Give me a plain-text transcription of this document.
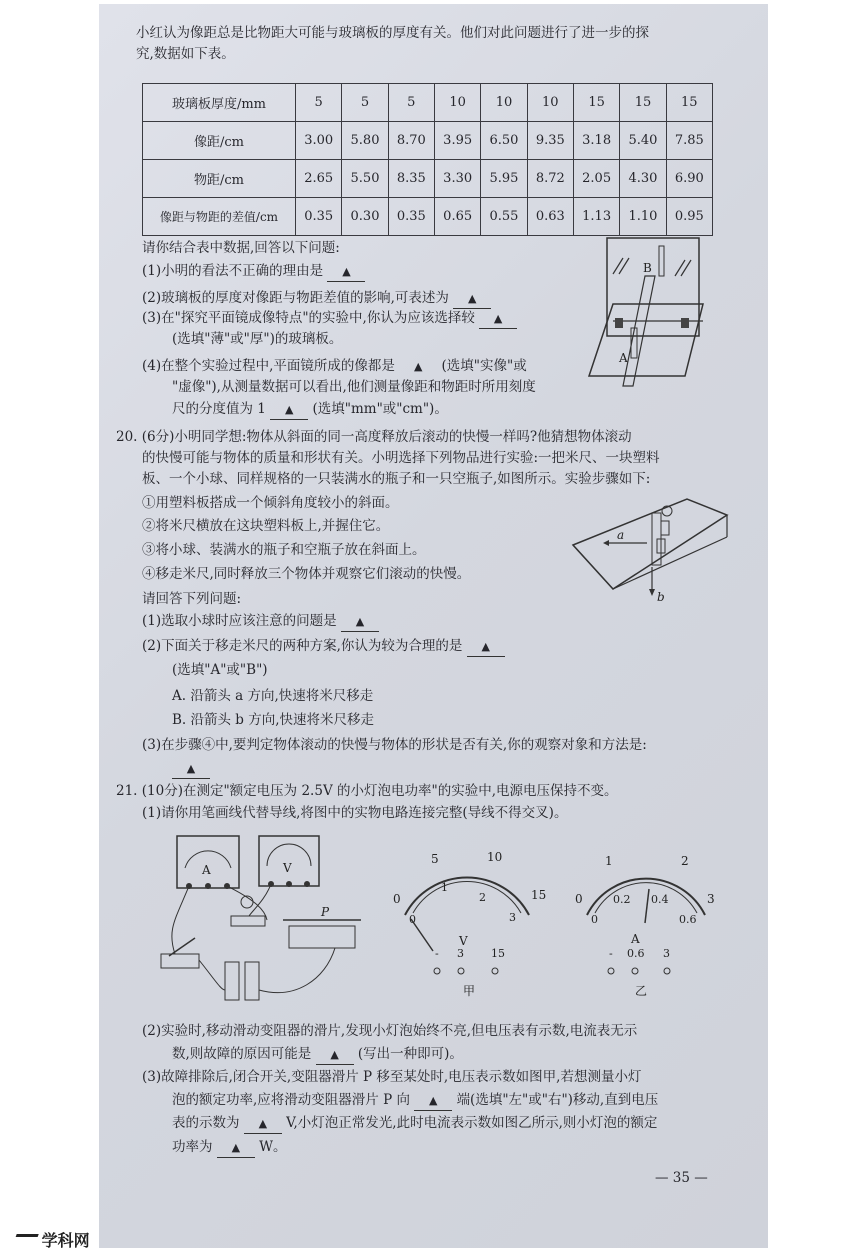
小红认为像距总是比物距大可能与玻璃板的厚度有关。他们对此问题进行了进一步的探
究,数据如下表。
玻璃板厚度/mm	5	5	5	10	10	10	15	15	15
像距/cm	3.00	5.80	8.70	3.95	6.50	9.35	3.18	5.40	7.85
物距/cm	2.65	5.50	8.35	3.30	5.95	8.72	2.05	4.30	6.90
像距与物距的差值/cm	0.35	0.30	0.35	0.65	0.55	0.63	1.13	1.10	0.95
请你结合表中数据,回答以下问题:
(1)小明的看法不正确的理由是 ▲
(2)玻璃板的厚度对像距与物距差值的影响,可表述为 ▲
(3)在"探究平面镜成像特点"的实验中,你认为应该选择较 ▲
(选填"薄"或"厚")的玻璃板。
(4)在整个实验过程中,平面镜所成的像都是 ▲ (选填"实像"或
"虚像"),从测量数据可以看出,他们测量像距和物距时所用刻度
尺的分度值为 1 ▲ (选填"mm"或"cm")。
B
A
20. (6分)小明同学想:物体从斜面的同一高度释放后滚动的快慢一样吗?他猜想物体滚动
的快慢可能与物体的质量和形状有关。小明选择下列物品进行实验:一把米尺、一块塑料
板、一个小球、同样规格的一只装满水的瓶子和一只空瓶子,如图所示。实验步骤如下:
①用塑料板搭成一个倾斜角度较小的斜面。
②将米尺横放在这块塑料板上,并握住它。
③将小球、装满水的瓶子和空瓶子放在斜面上。
④移走米尺,同时释放三个物体并观察它们滚动的快慢。
请回答下列问题:
(1)选取小球时应该注意的问题是 ▲
(2)下面关于移走米尺的两种方案,你认为较为合理的是 ▲
(选填"A"或"B")
A. 沿箭头 a 方向,快速将米尺移走
B. 沿箭头 b 方向,快速将米尺移走
(3)在步骤④中,要判定物体滚动的快慢与物体的形状是否有关,你的观察对象和方法是:
▲
a
b
21. (10分)在测定"额定电压为 2.5V 的小灯泡电功率"的实验中,电源电压保持不变。
(1)请你用笔画线代替导线,将图中的实物电路连接完整(导线不得交叉)。
A	V
P
5	10
0	15
1
2
3
0
V
- 3 15
甲
1	2
0	3
0.2 0.4
0.6
0
A
- 0.6 3
乙
(2)实验时,移动滑动变阻器的滑片,发现小灯泡始终不亮,但电压表有示数,电流表无示
数,则故障的原因可能是 ▲ (写出一种即可)。
(3)故障排除后,闭合开关,变阻器滑片 P 移至某处时,电压表示数如图甲,若想测量小灯
泡的额定功率,应将滑动变阻器滑片 P 向 ▲ 端(选填"左"或"右")移动,直到电压
表的示数为 ▲ V,小灯泡正常发光,此时电流表示数如图乙所示,则小灯泡的额定
功率为 ▲ W。
— 35 —
学科网
